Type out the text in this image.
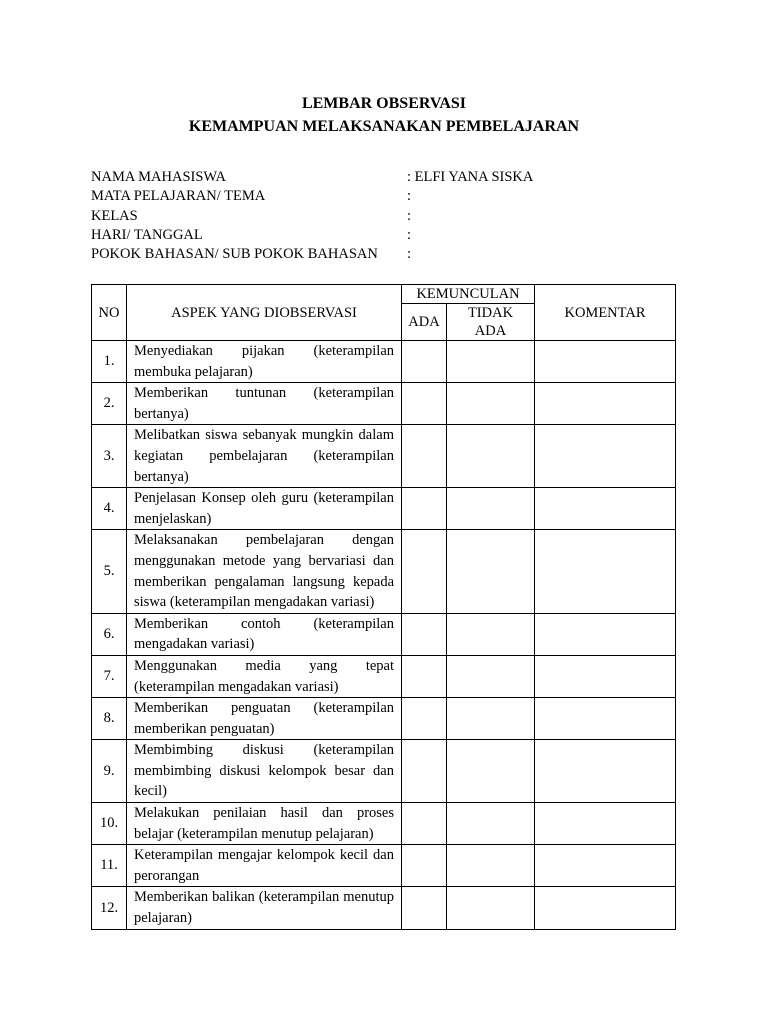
LEMBAR OBSERVASI
KEMAMPUAN MELAKSANAKAN PEMBELAJARAN
NAMA MAHASISWA	: ELFI YANA SISKA
MATA PELAJARAN/ TEMA	:
KELAS	:
HARI/ TANGGAL	:
POKOK BAHASAN/ SUB POKOK BAHASAN :
NO	ASPEK YANG DIOBSERVASI	KEMUNCULAN		KOMENTAR
		ADA	TIDAK ADA	
1.	Menyediakan pijakan (keterampilan membuka pelajaran)			

2.	Memberikan tuntunan (keterampilan bertanya)			

3.	Melibatkan siswa sebanyak mungkin dalam kegiatan pembelajaran (keterampilan bertanya)			

4.	Penjelasan Konsep oleh guru (keterampilan menjelaskan)			

5.	Melaksanakan pembelajaran dengan menggunakan metode yang bervariasi dan memberikan pengalaman langsung kepada siswa (keterampilan mengadakan variasi)			

6.	Memberikan contoh (keterampilan mengadakan variasi)			

7.	Menggunakan media yang tepat (keterampilan mengadakan variasi)			

8.	Memberikan penguatan (keterampilan memberikan penguatan)			

9.	Membimbing diskusi (keterampilan membimbing diskusi kelompok besar dan kecil)			

10.	Melakukan penilaian hasil dan proses belajar (keterampilan menutup pelajaran)			

11.	Keterampilan mengajar kelompok kecil dan perorangan			

12.	Memberikan balikan (keterampilan menutup pelajaran)			
